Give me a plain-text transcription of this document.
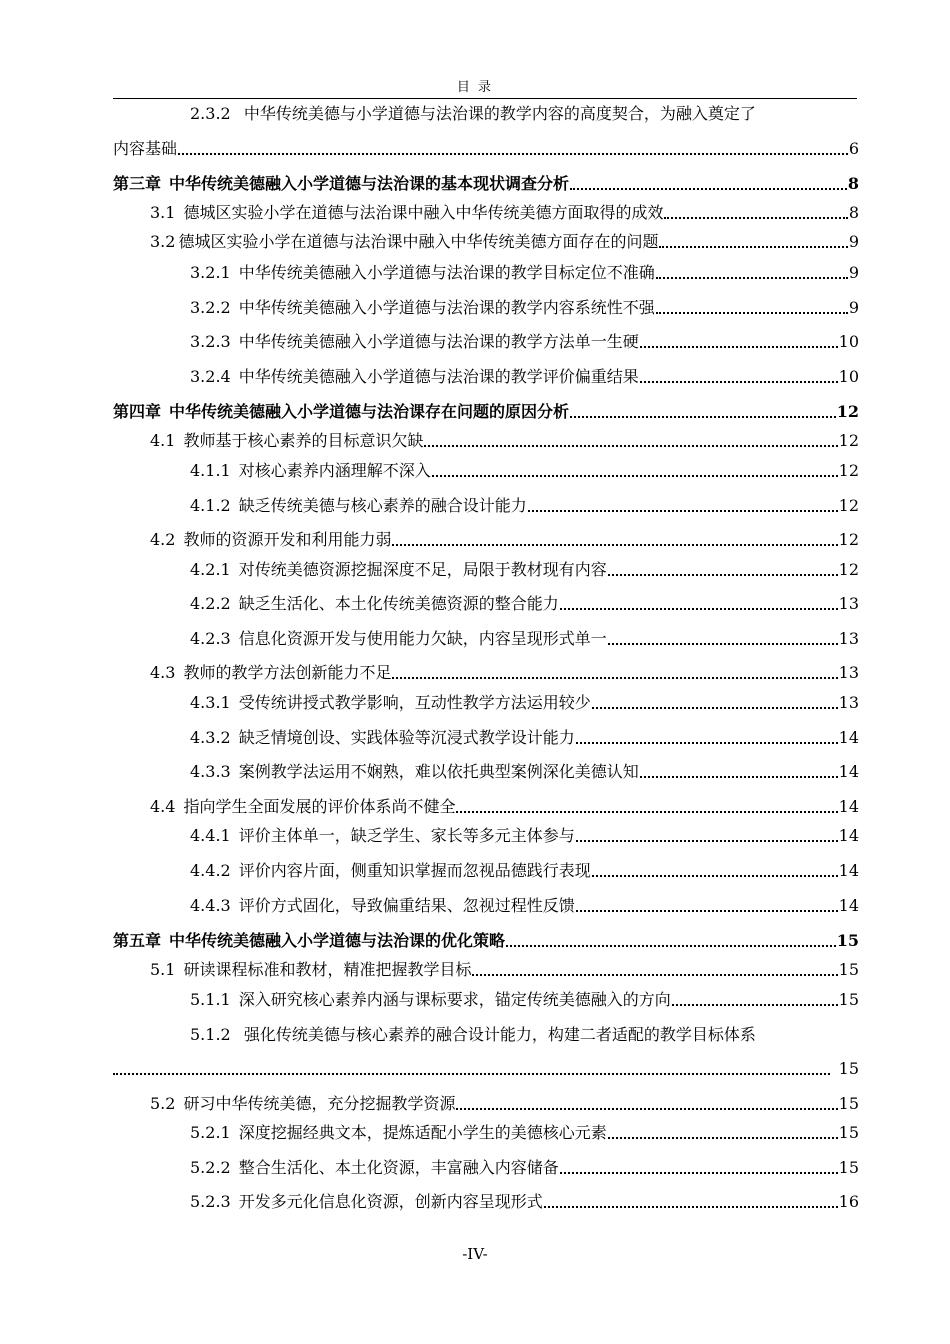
目 录
2.3.2 中华传统美德与小学道德与法治课的教学内容的高度契合，为融入奠定了
内容基础	6
第三章 中华传统美德融入小学道德与法治课的基本现状调查分析	8
3.1 德城区实验小学在道德与法治课中融入中华传统美德方面取得的成效	8
3.2 德城区实验小学在道德与法治课中融入中华传统美德方面存在的问题	9
3.2.1 中华传统美德融入小学道德与法治课的教学目标定位不准确	9
3.2.2 中华传统美德融入小学道德与法治课的教学内容系统性不强	9
3.2.3 中华传统美德融入小学道德与法治课的教学方法单一生硬	10
3.2.4 中华传统美德融入小学道德与法治课的教学评价偏重结果	10
第四章 中华传统美德融入小学道德与法治课存在问题的原因分析	12
4.1 教师基于核心素养的目标意识欠缺	12
4.1.1 对核心素养内涵理解不深入	12
4.1.2 缺乏传统美德与核心素养的融合设计能力	12
4.2 教师的资源开发和利用能力弱	12
4.2.1 对传统美德资源挖掘深度不足，局限于教材现有内容	12
4.2.2 缺乏生活化、本土化传统美德资源的整合能力	13
4.2.3 信息化资源开发与使用能力欠缺，内容呈现形式单一	13
4.3 教师的教学方法创新能力不足	13
4.3.1 受传统讲授式教学影响，互动性教学方法运用较少	13
4.3.2 缺乏情境创设、实践体验等沉浸式教学设计能力	14
4.3.3 案例教学法运用不娴熟，难以依托典型案例深化美德认知	14
4.4 指向学生全面发展的评价体系尚不健全	14
4.4.1 评价主体单一，缺乏学生、家长等多元主体参与	14
4.4.2 评价内容片面，侧重知识掌握而忽视品德践行表现	14
4.4.3 评价方式固化，导致偏重结果、忽视过程性反馈	14
第五章 中华传统美德融入小学道德与法治课的优化策略	15
5.1 研读课程标准和教材，精准把握教学目标	15
5.1.1 深入研究核心素养内涵与课标要求，锚定传统美德融入的方向	15
5.1.2 强化传统美德与核心素养的融合设计能力，构建二者适配的教学目标体系
15
5.2 研习中华传统美德，充分挖掘教学资源	15
5.2.1 深度挖掘经典文本，提炼适配小学生的美德核心元素	15
5.2.2 整合生活化、本土化资源，丰富融入内容储备	15
5.2.3 开发多元化信息化资源，创新内容呈现形式	16
-IV-
